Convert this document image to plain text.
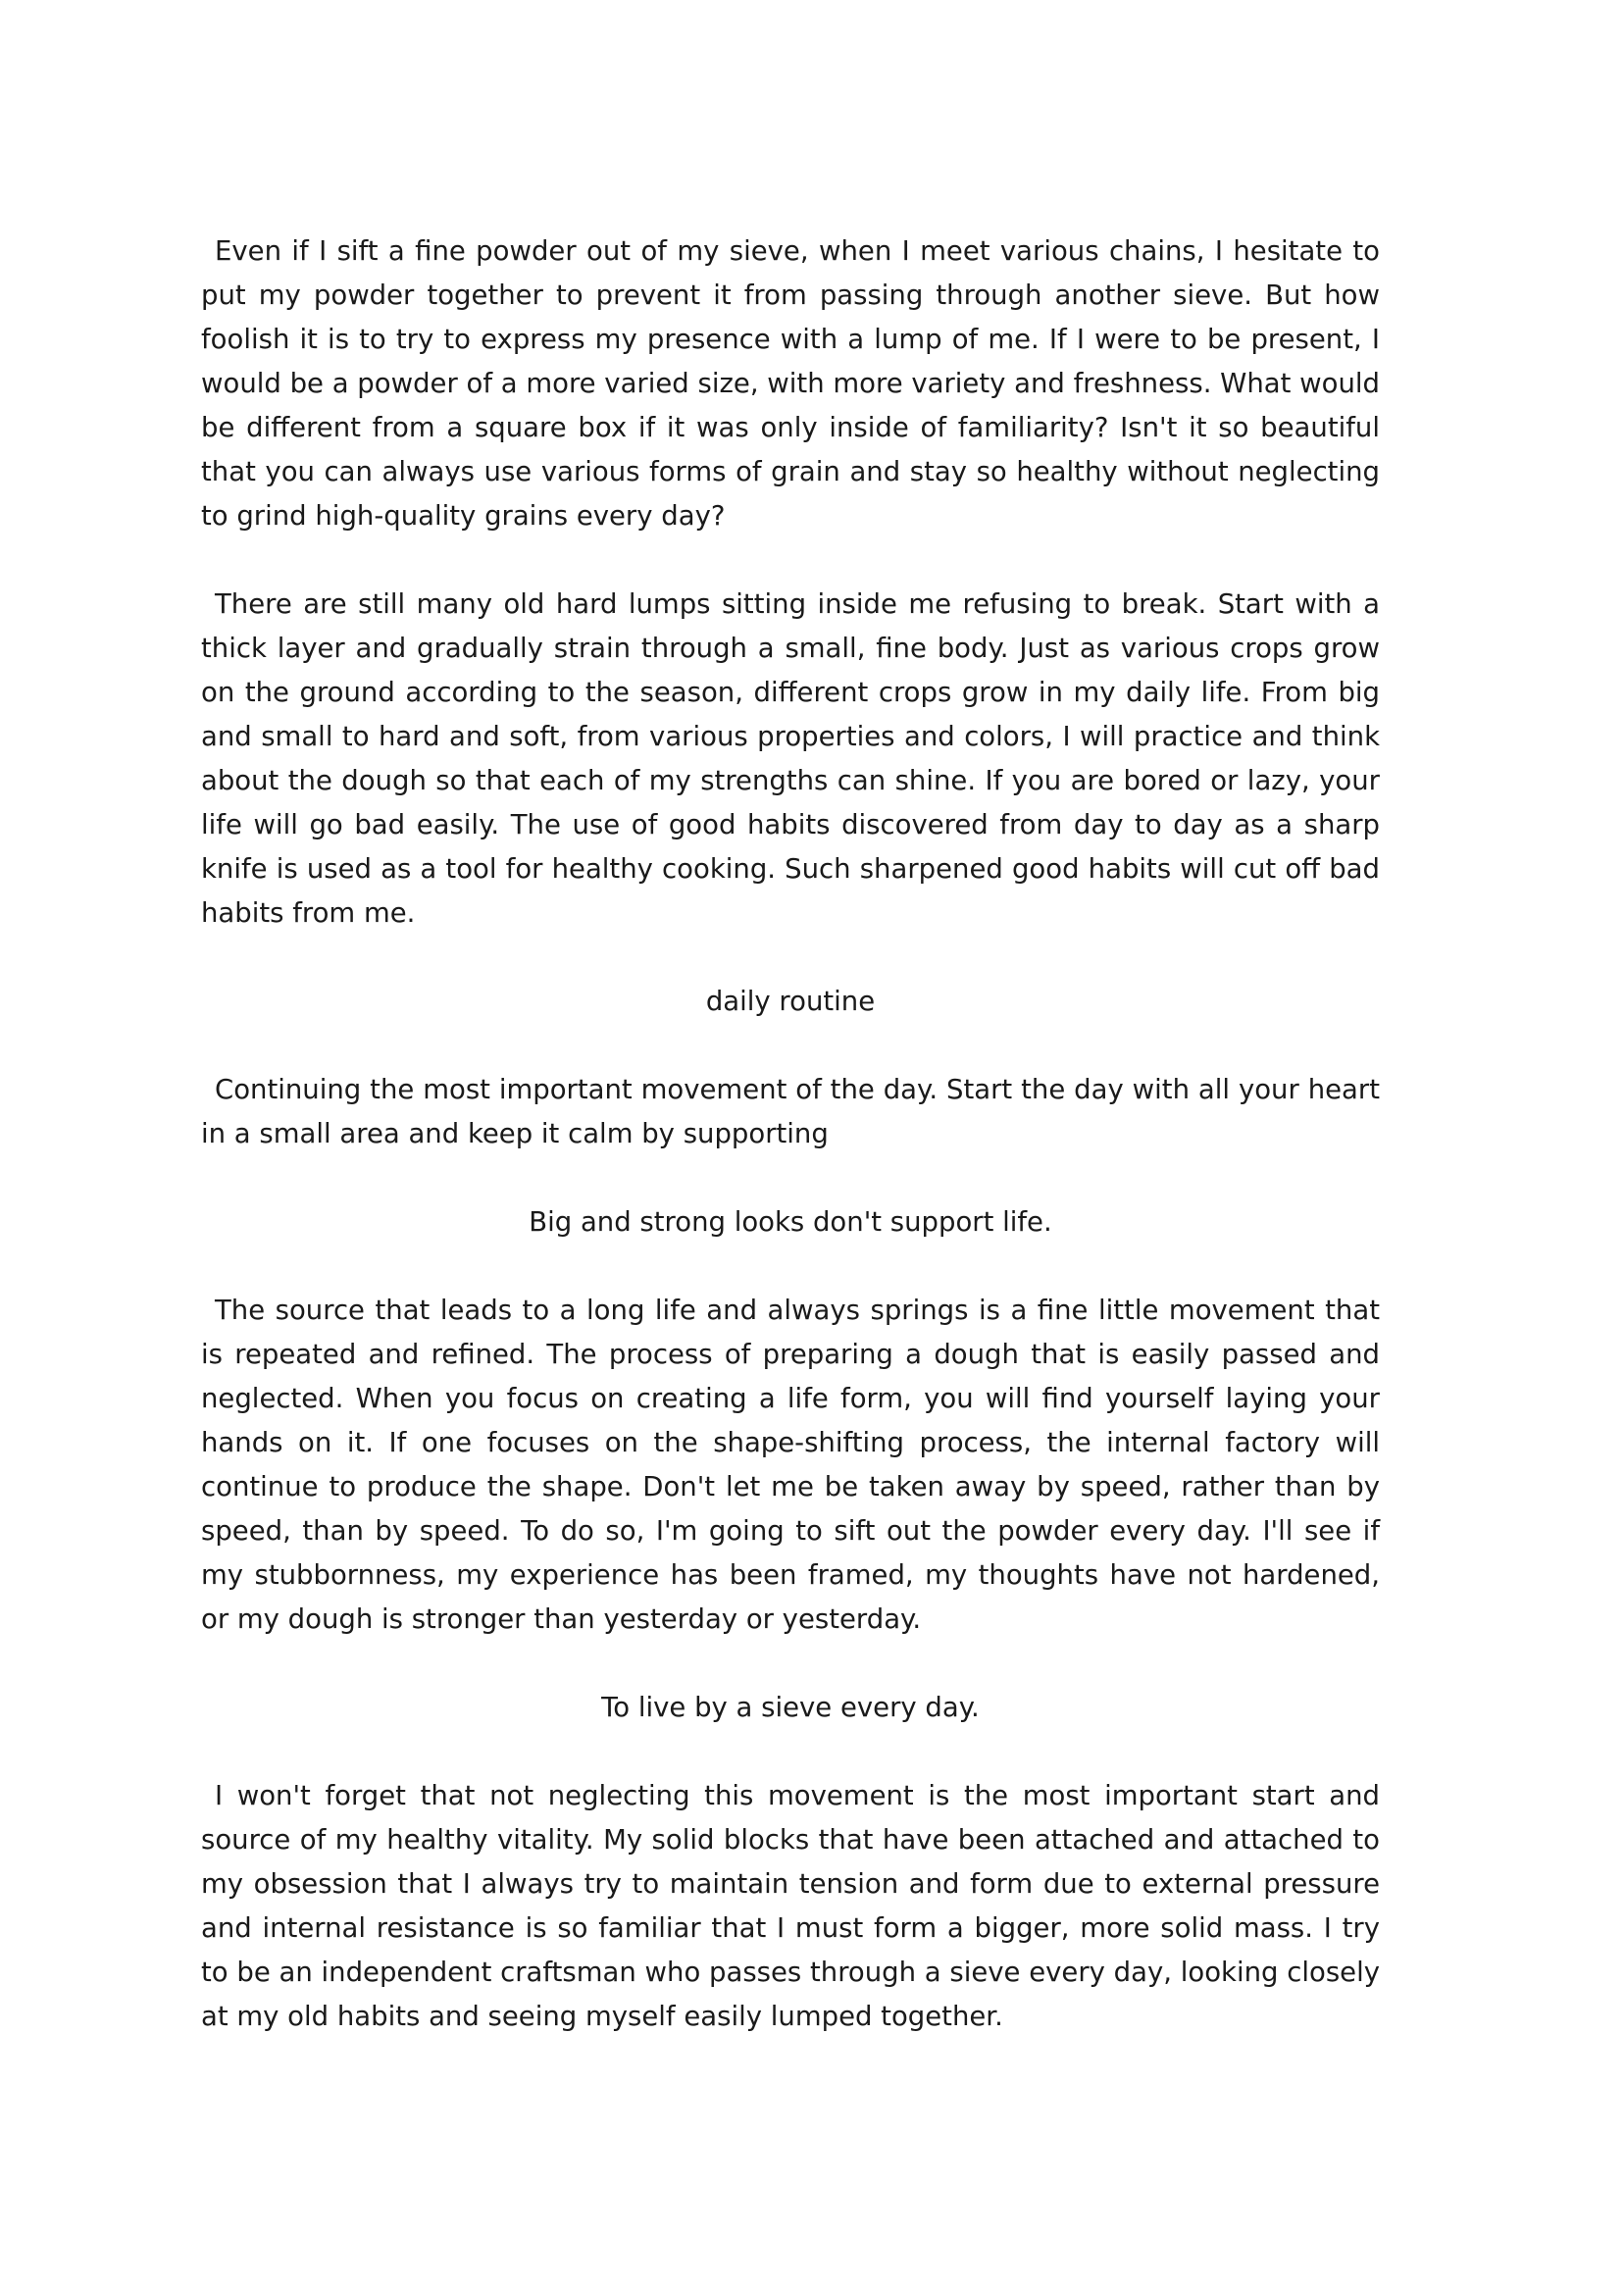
Even if I sift a fine powder out of my sieve, when I meet various chains, I hesitate to put my powder together to prevent it from passing through another sieve. But how foolish it is to try to express my presence with a lump of me. If I were to be present, I would be a powder of a more varied size, with more variety and freshness. What would be different from a square box if it was only inside of familiarity? Isn't it so beautiful that you can always use various forms of grain and stay so healthy without neglecting to grind high-quality grains every day?

There are still many old hard lumps sitting inside me refusing to break. Start with a thick layer and gradually strain through a small, fine body. Just as various crops grow on the ground according to the season, different crops grow in my daily life. From big and small to hard and soft, from various properties and colors, I will practice and think about the dough so that each of my strengths can shine. If you are bored or lazy, your life will go bad easily. The use of good habits discovered from day to day as a sharp knife is used as a tool for healthy cooking. Such sharpened good habits will cut off bad habits from me.

daily routine

Continuing the most important movement of the day. Start the day with all your heart in a small area and keep it calm by supporting

Big and strong looks don't support life.

The source that leads to a long life and always springs is a fine little movement that is repeated and refined. The process of preparing a dough that is easily passed and neglected. When you focus on creating a life form, you will find yourself laying your hands on it. If one focuses on the shape-shifting process, the internal factory will continue to produce the shape. Don't let me be taken away by speed, rather than by speed, than by speed. To do so, I'm going to sift out the powder every day. I'll see if my stubbornness, my experience has been framed, my thoughts have not hardened, or my dough is stronger than yesterday or yesterday.

To live by a sieve every day.

I won't forget that not neglecting this movement is the most important start and source of my healthy vitality. My solid blocks that have been attached and attached to my obsession that I always try to maintain tension and form due to external pressure and internal resistance is so familiar that I must form a bigger, more solid mass. I try to be an independent craftsman who passes through a sieve every day, looking closely at my old habits and seeing myself easily lumped together.
